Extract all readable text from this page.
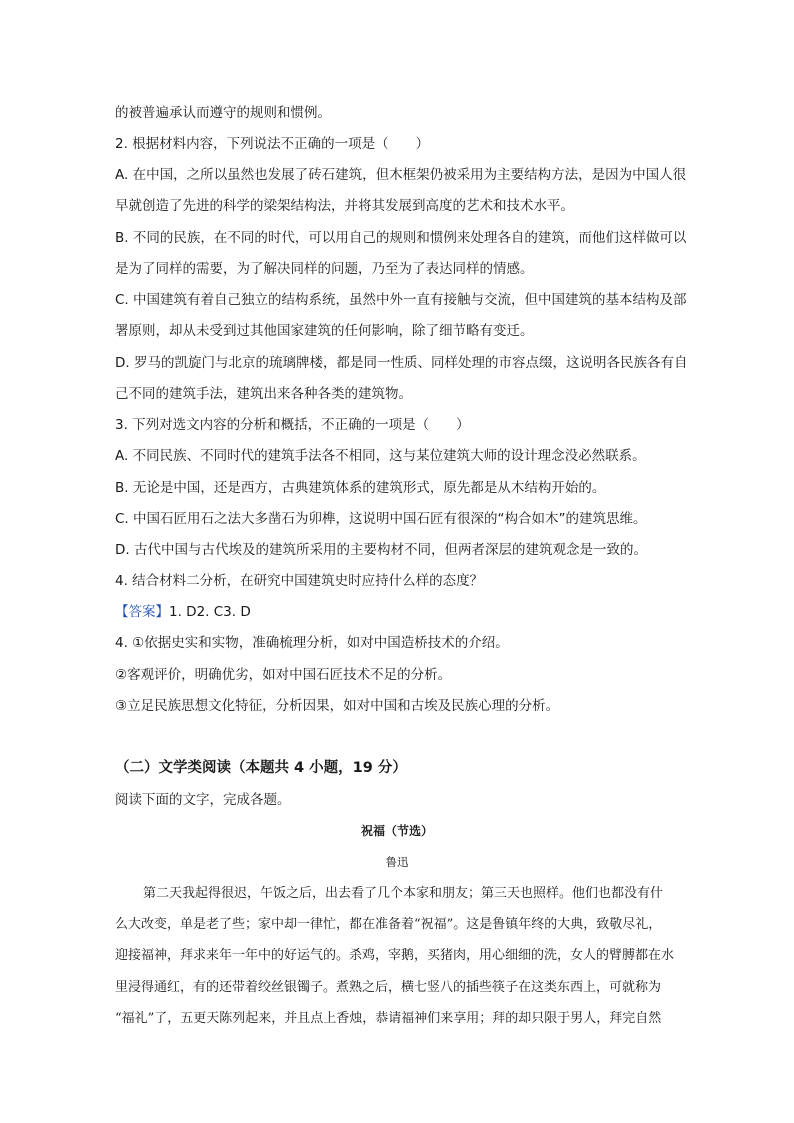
的被普遍承认而遵守的规则和惯例。
2. 根据材料内容，下列说法不正确的一项是（　　）
A. 在中国，之所以虽然也发展了砖石建筑，但木框架仍被采用为主要结构方法，是因为中国人很
早就创造了先进的科学的梁架结构法，并将其发展到高度的艺术和技术水平。
B. 不同的民族，在不同的时代，可以用自己的规则和惯例来处理各自的建筑，而他们这样做可以
是为了同样的需要，为了解决同样的问题，乃至为了表达同样的情感。
C. 中国建筑有着自己独立的结构系统，虽然中外一直有接触与交流，但中国建筑的基本结构及部
署原则，却从未受到过其他国家建筑的任何影响，除了细节略有变迁。
D. 罗马的凯旋门与北京的琉璃牌楼，都是同一性质、同样处理的市容点缀，这说明各民族各有自
己不同的建筑手法，建筑出来各种各类的建筑物。
3. 下列对选文内容的分析和概括，不正确的一项是（　　）
A. 不同民族、不同时代的建筑手法各不相同，这与某位建筑大师的设计理念没必然联系。
B. 无论是中国，还是西方，古典建筑体系的建筑形式，原先都是从木结构开始的。
C. 中国石匠用石之法大多凿石为卯榫，这说明中国石匠有很深的“构合如木”的建筑思维。
D. 古代中国与古代埃及的建筑所采用的主要构材不同，但两者深层的建筑观念是一致的。
4. 结合材料二分析，在研究中国建筑史时应持什么样的态度？
【答案】1. D2. C3. D
4. ①依据史实和实物，准确梳理分析，如对中国造桥技术的介绍。
②客观评价，明确优劣，如对中国石匠技术不足的分析。
③立足民族思想文化特征，分析因果，如对中国和古埃及民族心理的分析。
（二）文学类阅读（本题共 4 小题，19 分）
阅读下面的文字，完成各题。
祝福（节选）
鲁迅
第二天我起得很迟，午饭之后，出去看了几个本家和朋友；第三天也照样。他们也都没有什
么大改变，单是老了些；家中却一律忙，都在准备着“祝福”。这是鲁镇年终的大典，致敬尽礼，
迎接福神，拜求来年一年中的好运气的。杀鸡，宰鹅，买猪肉，用心细细的洗，女人的臂膊都在水
里浸得通红，有的还带着绞丝银镯子。煮熟之后，横七竖八的插些筷子在这类东西上，可就称为
“福礼”了，五更天陈列起来，并且点上香烛，恭请福神们来享用；拜的却只限于男人，拜完自然
